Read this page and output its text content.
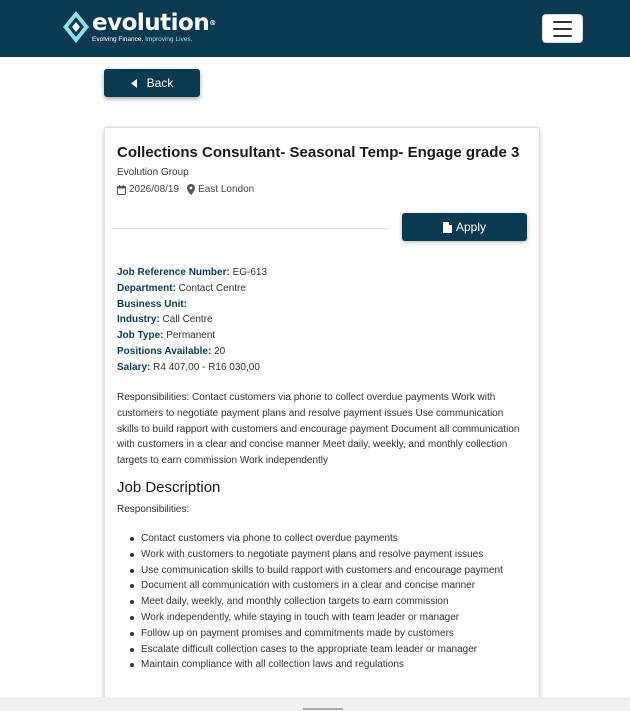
evolution®
Evolving Finance. Improving Lives.
Back
Collections Consultant- Seasonal Temp- Engage grade 3
Evolution Group
2026/08/19 East London
Apply
Job Reference Number: EG-613
Department: Contact Centre
Business Unit:
Industry: Call Centre
Job Type: Permanent
Positions Available: 20
Salary: R4 407,00 - R16 030,00
Responsibilities: Contact customers via phone to collect overdue payments Work with customers to negotiate payment plans and resolve payment issues Use communication skills to build rapport with customers and encourage payment Document all communication with customers in a clear and concise manner Meet daily, weekly, and monthly collection targets to earn commission Work independently
Job Description
Responsibilities:
Contact customers via phone to collect overdue payments
Work with customers to negotiate payment plans and resolve payment issues
Use communication skills to build rapport with customers and encourage payment
Document all communication with customers in a clear and concise manner
Meet daily, weekly, and monthly collection targets to earn commission
Work independently, while staying in touch with team leader or manager
Follow up on payment promises and commitments made by customers
Escalate difficult collection cases to the appropriate team leader or manager
Maintain compliance with all collection laws and regulations
